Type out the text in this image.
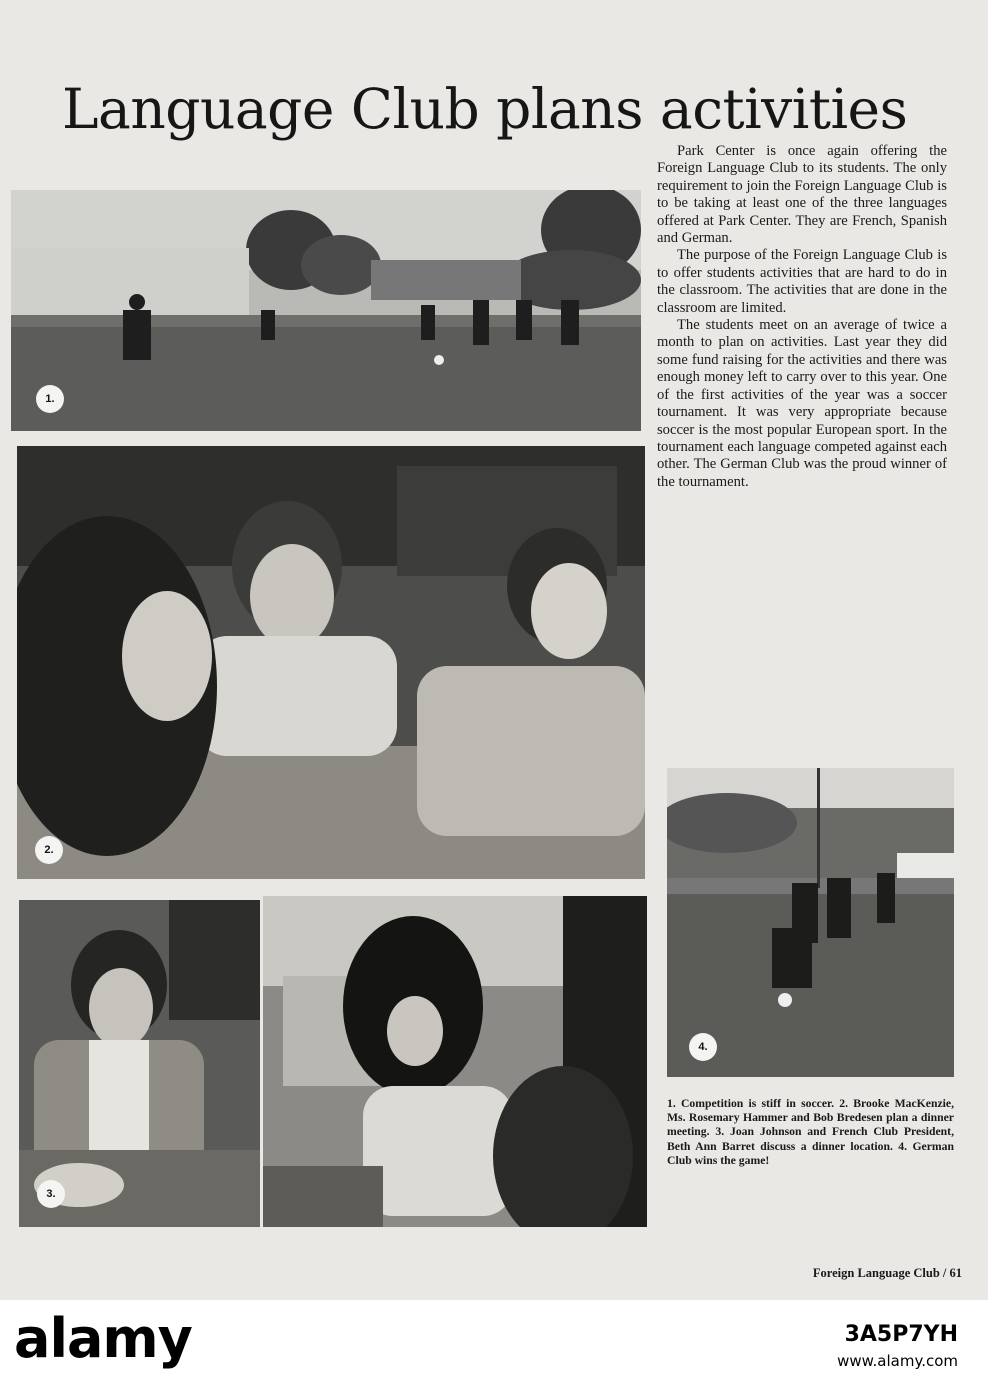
Language Club plans activities
1.
2.
3.
4.

Park Center is once again offering the Foreign Language Club to its students. The only requirement to join the Foreign Language Club is to be taking at least one of the three languages offered at Park Center. They are French, Spanish and German.

The purpose of the Foreign Language Club is to offer students activities that are hard to do in the classroom. The activities that are done in the classroom are limited.

The students meet on an average of twice a month to plan on activities. Last year they did some fund raising for the activities and there was enough money left to carry over to this year. One of the first activities of the year was a soccer tournament. It was very appropriate because soccer is the most popular European sport. In the tournament each language competed against each other. The German Club was the proud winner of the tournament.

1. Competition is stiff in soccer. 2. Brooke MacKenzie, Ms. Rosemary Hammer and Bob Bredesen plan a dinner meeting. 3. Joan Johnson and French Club President, Beth Ann Barret discuss a dinner location. 4. German Club wins the game!
Foreign Language Club / 61
alamy	3A5P7YH
www.alamy.com
